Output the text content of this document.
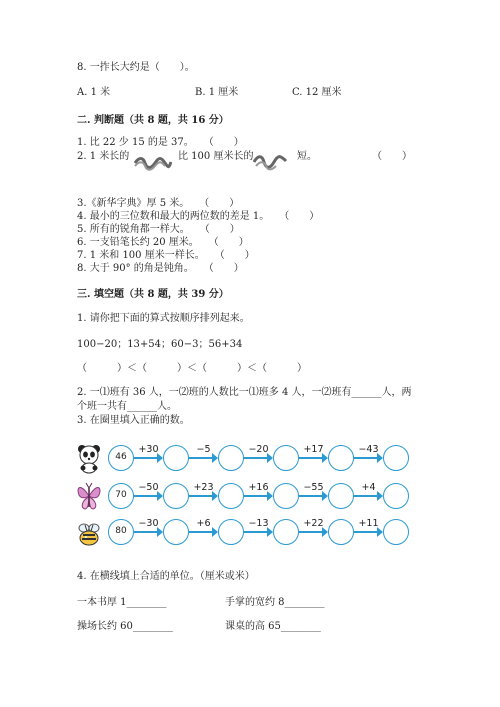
8. 一拃长大约是（　　）。
A. 1 米	B. 1 厘米	C. 12 厘米
二. 判断题（共 8 题，共 16 分）
1. 比 22 少 15 的是 37。　　（　　）
2. 1 米长的	比 100 厘米长的	短。	（　　）
3.《新华字典》厚 5 米。　　（　　）
4. 最小的三位数和最大的两位数的差是 1。　　（　　）
5. 所有的锐角都一样大。　　（　　）
6. 一支铅笔长约 20 厘米。　　（　　）
7. 1 米和 100 厘米一样长。　　（　　）
8. 大于 90° 的角是钝角。　　（　　）
三. 填空题（共 8 题，共 39 分）
1. 请你把下面的算式按顺序排列起来。
100−20；13+54；60−3；56+34
（　　　）＜（　　　）＜（　　　）＜（　　　）
2. 一⑴班有 36 人，一⑵班的人数比一⑴班多 4 人，一⑵班有______人，两
个班一共有______人。
3. 在圈里填入正确的数。
46
+30	−5	−20	+17	−43
70
−50	+23	+16	−55	+4
80
−30	+6	−13	+22	+11
4. 在横线填上合适的单位。（厘米或米）
一本书厚 1________	手掌的宽约 8________
操场长约 60________	课桌的高 65________
